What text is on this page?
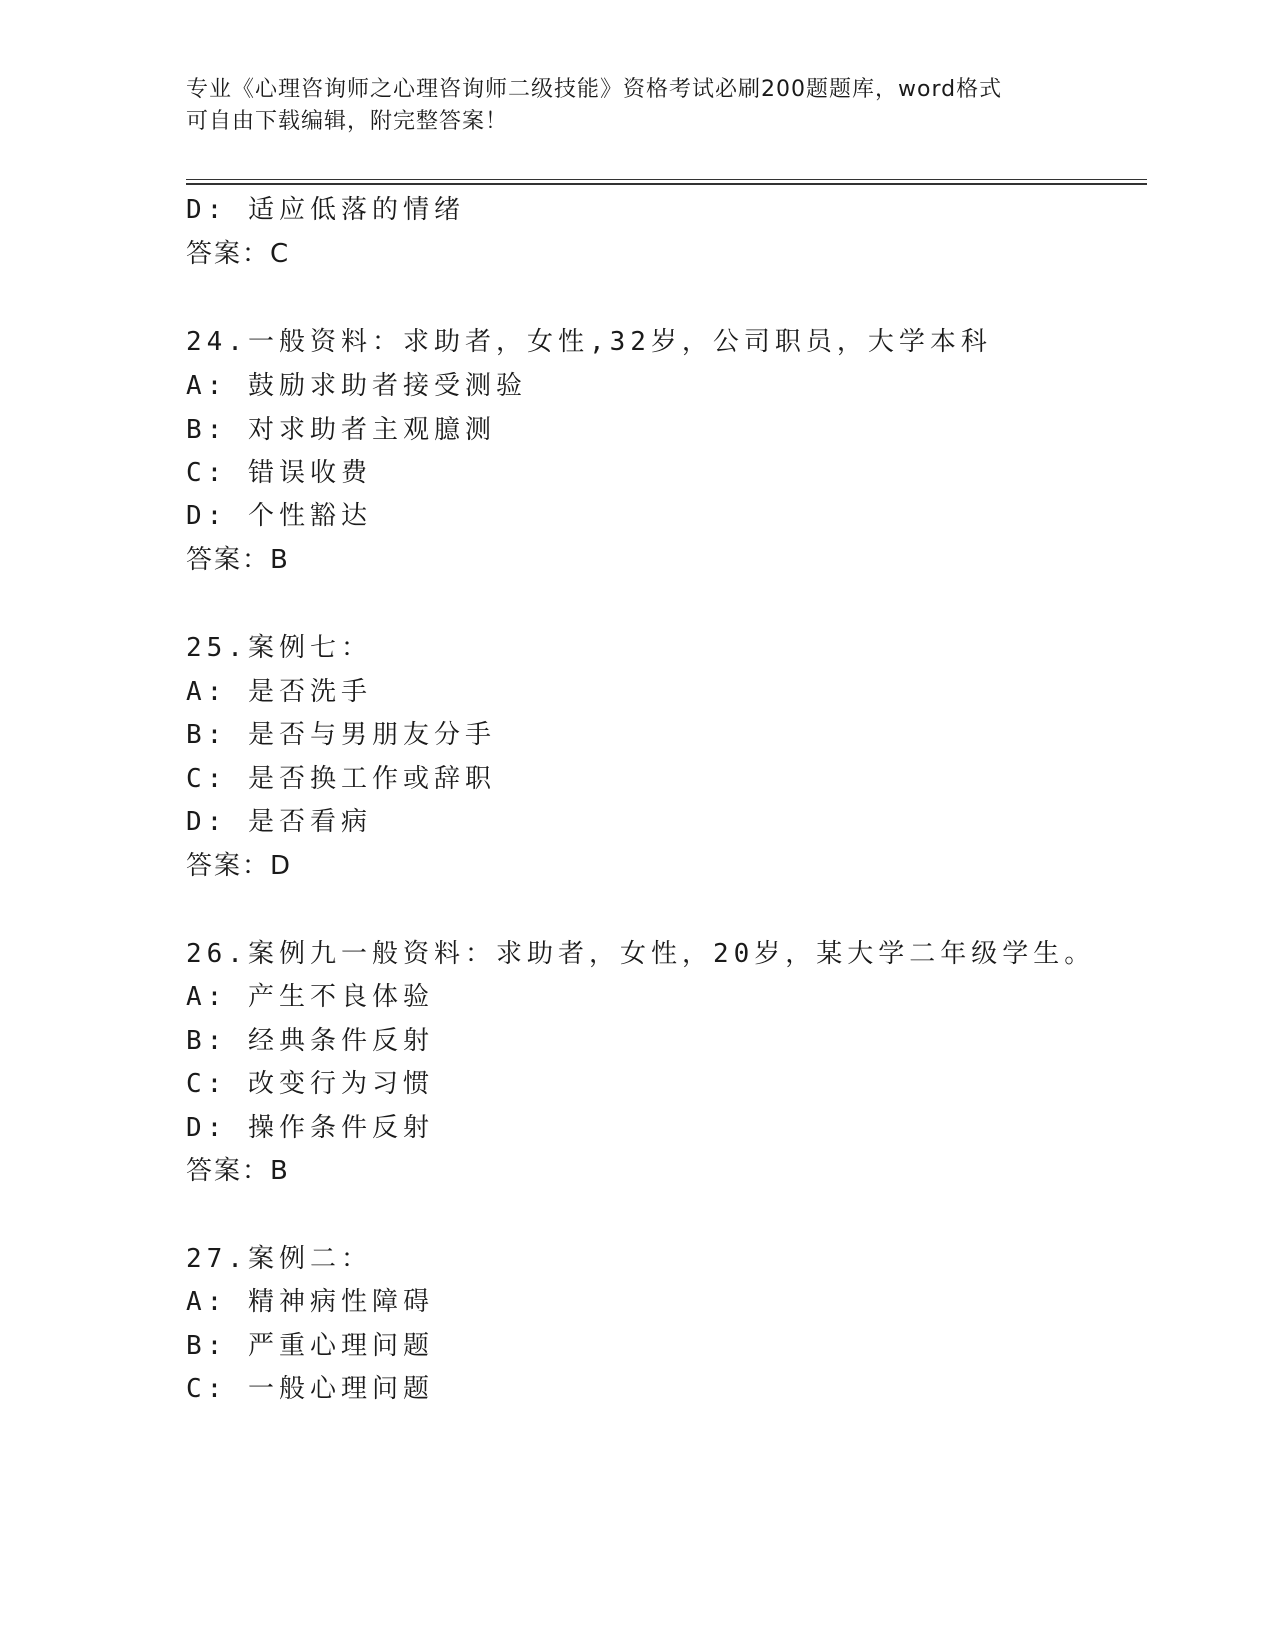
专业《心理咨询师之心理咨询师二级技能》资格考试必刷200题题库，word格式
可自由下载编辑，附完整答案！
D: 适应低落的情绪
答案：C
24.一般资料：求助者，女性,32岁，公司职员，大学本科
A: 鼓励求助者接受测验
B: 对求助者主观臆测
C: 错误收费
D: 个性豁达
答案：B
25.案例七：
A: 是否洗手
B: 是否与男朋友分手
C: 是否换工作或辞职
D: 是否看病
答案：D
26.案例九一般资料：求助者，女性，20岁，某大学二年级学生。
A: 产生不良体验
B: 经典条件反射
C: 改变行为习惯
D: 操作条件反射
答案：B
27.案例二：
A: 精神病性障碍
B: 严重心理问题
C: 一般心理问题
